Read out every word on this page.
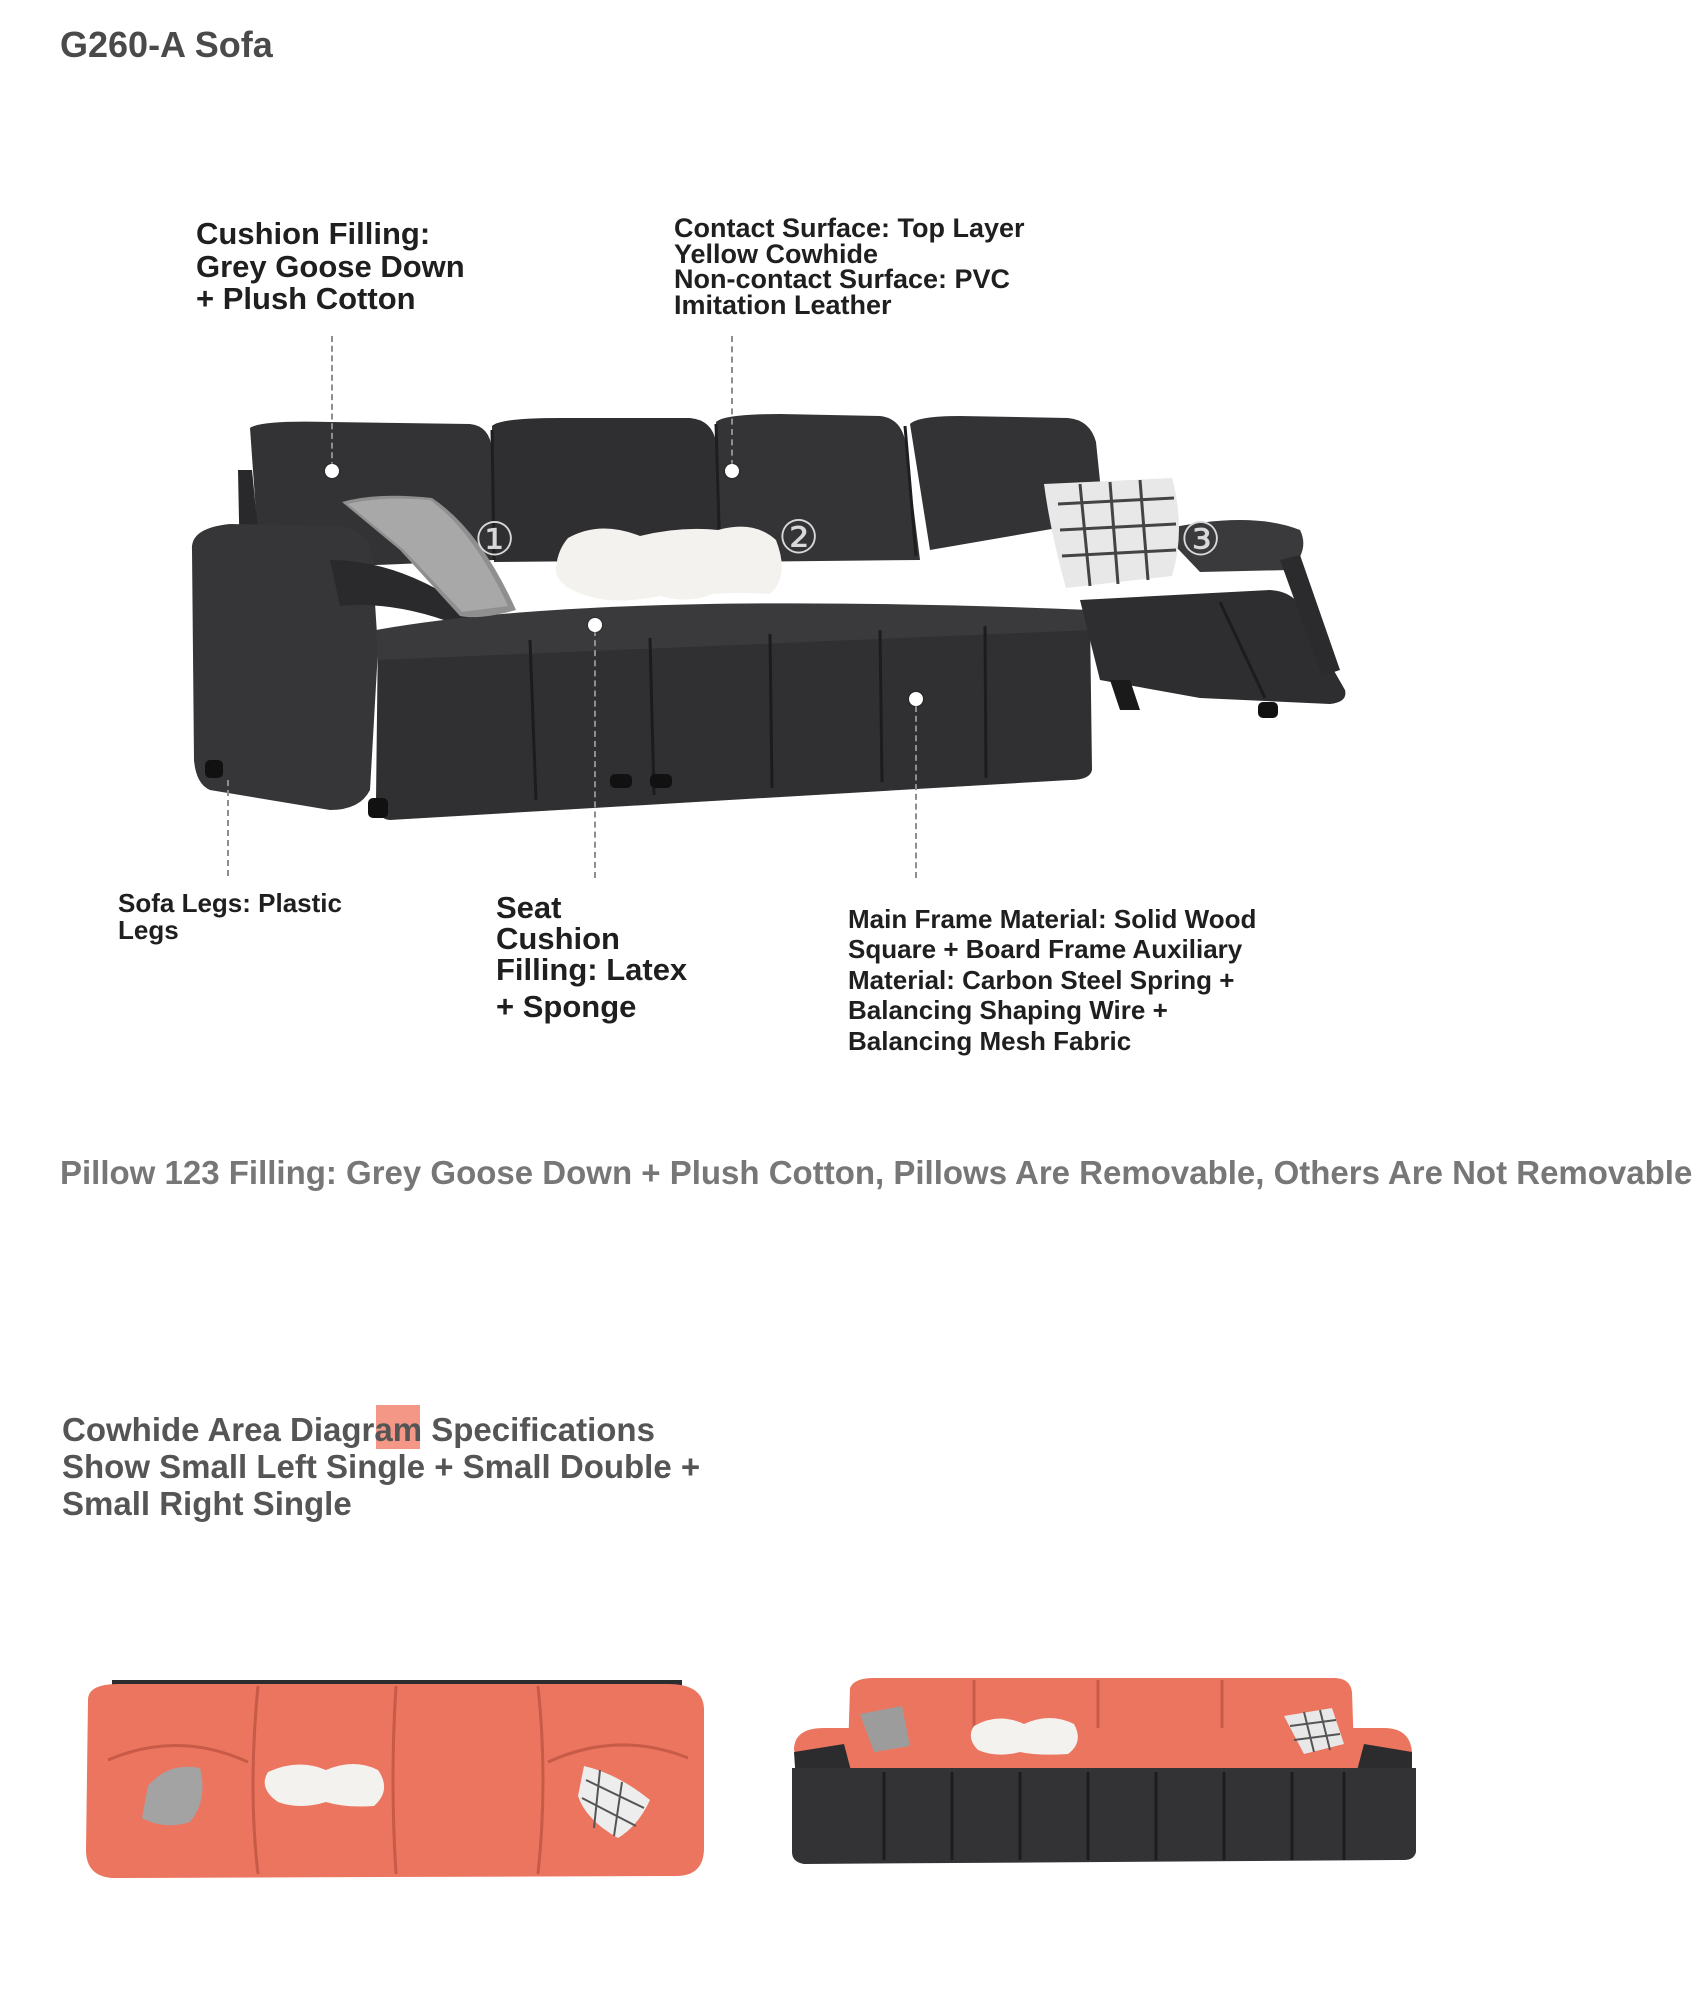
G260-A Sofa
①	②	③
Cushion Filling:
Grey Goose Down
+ Plush Cotton
Contact Surface: Top Layer
Yellow Cowhide
Non-contact Surface: PVC
Imitation Leather
Sofa Legs: Plastic
Legs
Seat
Cushion
Filling: Latex
+ Sponge
Main Frame Material: Solid Wood
Square + Board Frame Auxiliary
Material: Carbon Steel Spring +
Balancing Shaping Wire +
Balancing Mesh Fabric
Pillow 123 Filling: Grey Goose Down + Plush Cotton, Pillows Are Removable, Others Are Not Removable
Cowhide Area Diagram Specifications
Show Small Left Single + Small Double +
Small Right Single
